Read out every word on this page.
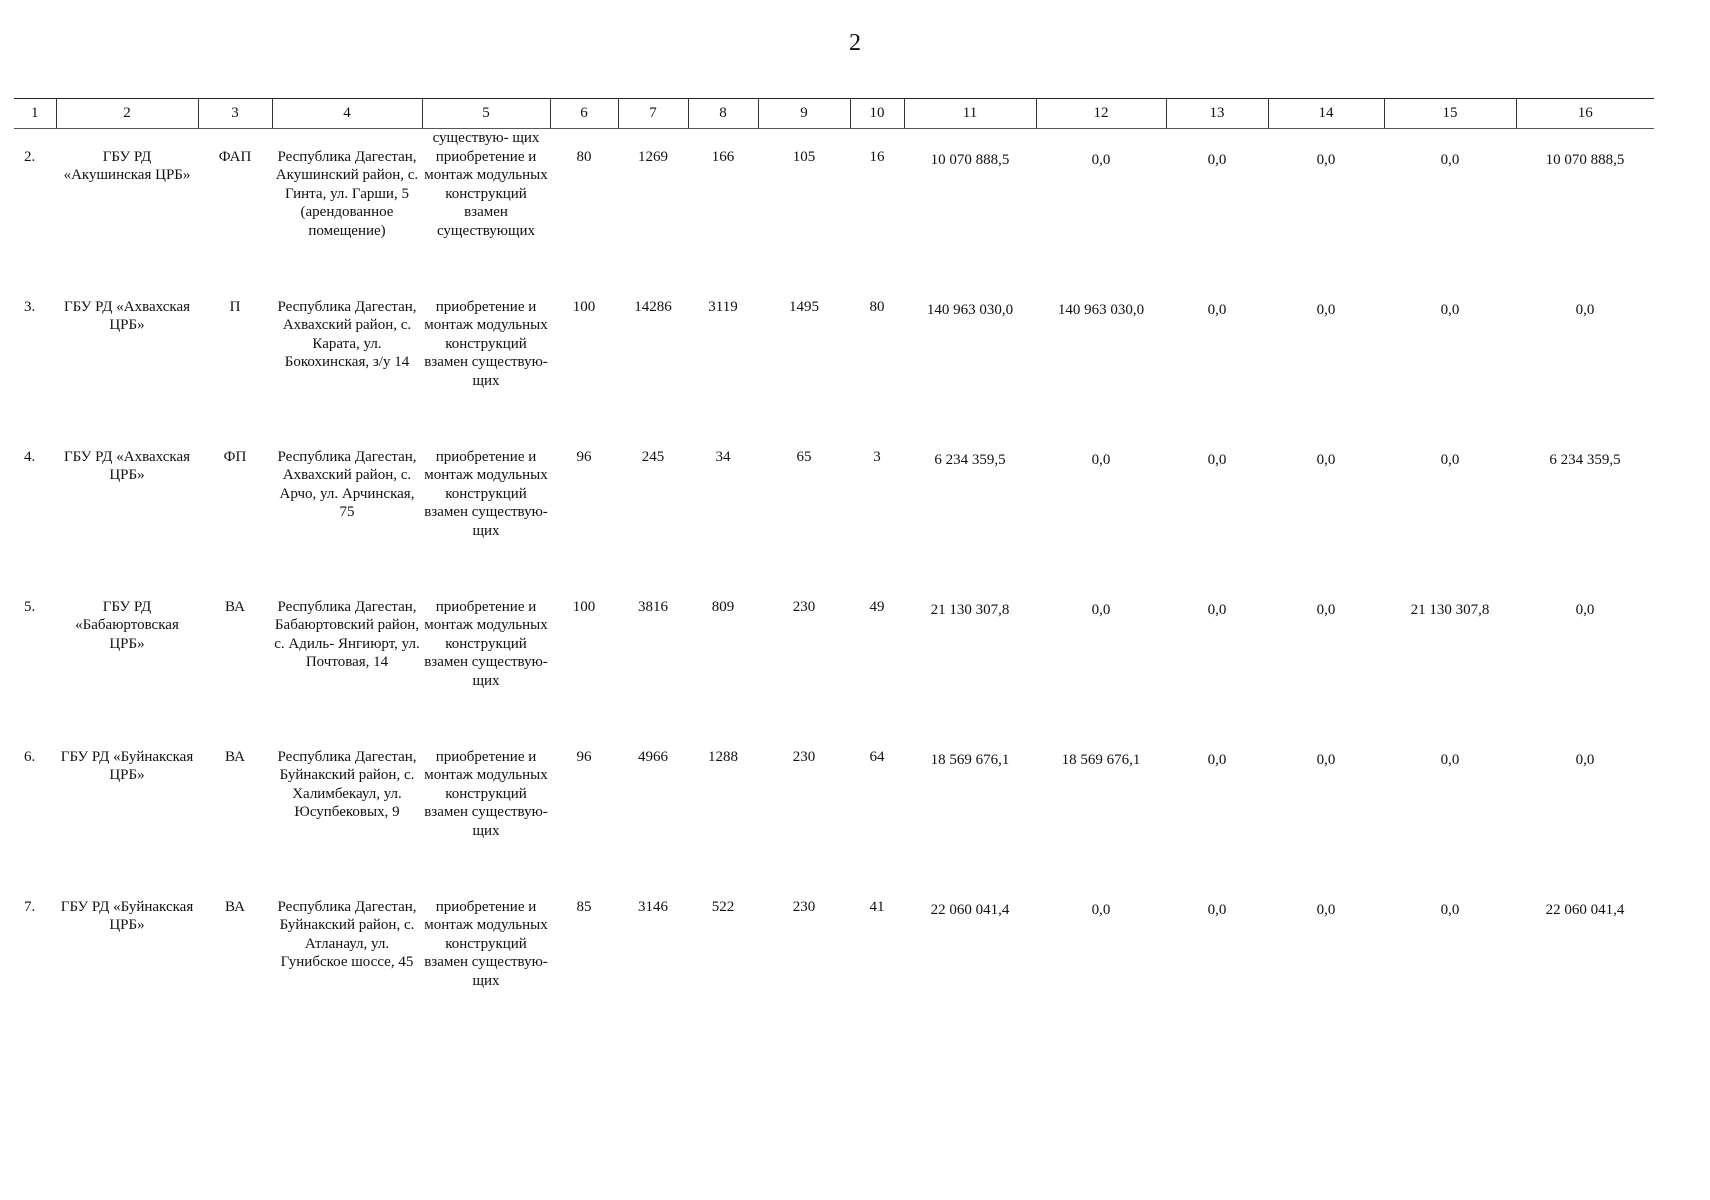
2
1	2	3	4	5	6	7	8	9	10	11	12	13	14	15	16
				существую- щих											
2.	ГБУ РД «Акушинская ЦРБ»	ФАП	Республика Дагестан, Акушинский район, с. Гинта, ул. Гарши, 5 (арендованное помещение)	приобретение и монтаж модульных конструкций взамен существующих	80	1269	166	105	16	10 070 888,5	0,0	0,0	0,0	0,0	10 070 888,5
3.	ГБУ РД «Ахвахская ЦРБ»	П	Республика Дагестан, Ахвахский район, с. Карата, ул. Бокохинская, з/у 14	приобретение и монтаж модульных конструкций взамен существую- щих	100	14286	3119	1495	80	140 963 030,0	140 963 030,0	0,0	0,0	0,0	0,0
4.	ГБУ РД «Ахвахская ЦРБ»	ФП	Республика Дагестан, Ахвахский район, с. Арчо, ул. Арчинская, 75	приобретение и монтаж модульных конструкций взамен существую- щих	96	245	34	65	3	6 234 359,5	0,0	0,0	0,0	0,0	6 234 359,5
5.	ГБУ РД «Бабаюртовская ЦРБ»	ВА	Республика Дагестан, Бабаюртовский район, с. Адиль- Янгиюрт, ул. Почтовая, 14	приобретение и монтаж модульных конструкций взамен существую- щих	100	3816	809	230	49	21 130 307,8	0,0	0,0	0,0	21 130 307,8	0,0
6.	ГБУ РД «Буйнакская ЦРБ»	ВА	Республика Дагестан, Буйнакский район, с. Халимбекаул, ул. Юсупбековых, 9	приобретение и монтаж модульных конструкций взамен существую- щих	96	4966	1288	230	64	18 569 676,1	18 569 676,1	0,0	0,0	0,0	0,0
7.	ГБУ РД «Буйнакская ЦРБ»	ВА	Республика Дагестан, Буйнакский район, с. Атланаул, ул. Гунибское шоссе, 45	приобретение и монтаж модульных конструкций взамен существую- щих	85	3146	522	230	41	22 060 041,4	0,0	0,0	0,0	0,0	22 060 041,4
